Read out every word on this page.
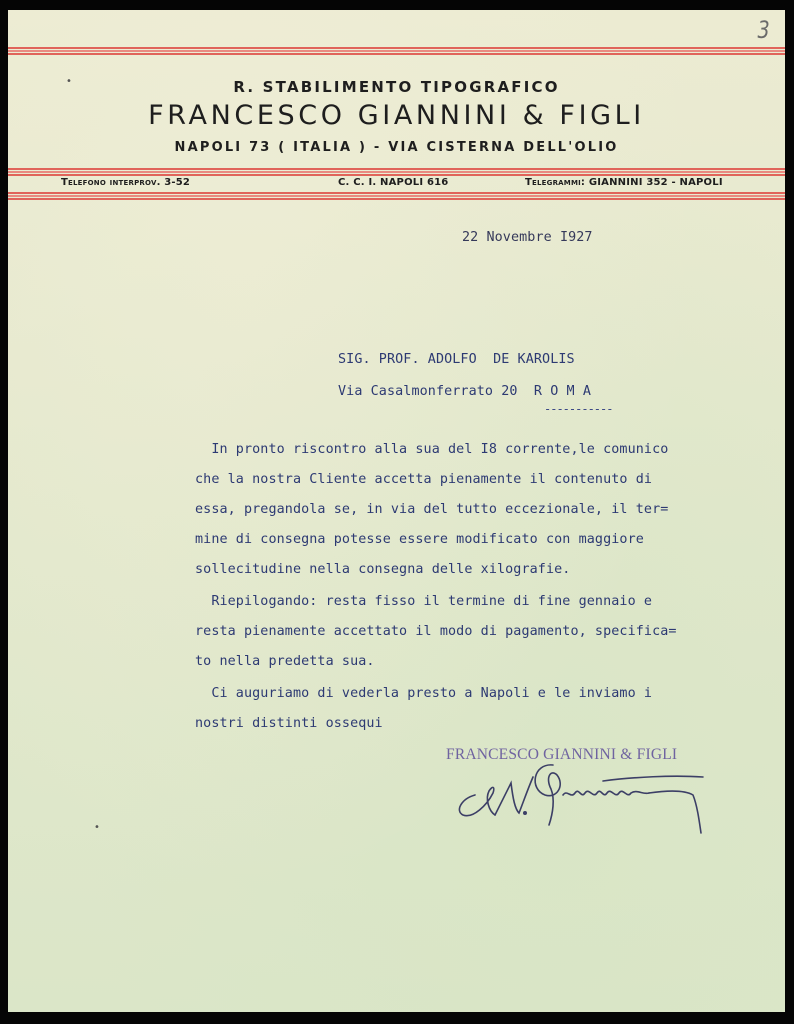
3
•
•
R. STABILIMENTO TIPOGRAFICO
FRANCESCO GIANNINI & FIGLI
NAPOLI 73 ( ITALIA ) - VIA CISTERNA DELL'OLIO
Telefono interprov. 3-52	C. C. I. NAPOLI 616	Telegrammi: GIANNINI 352 - NAPOLI
22 Novembre I927
SIG. PROF. ADOLFO  DE KAROLIS
Via Casalmonferrato 20  R O M A
-----------
In pronto riscontro alla sua del I8 corrente,le comunico
che la nostra Cliente accetta pienamente il contenuto di
essa, pregandola se, in via del tutto eccezionale, il ter=
mine di consegna potesse essere modificato con maggiore
sollecitudine nella consegna delle xilografie.
Riepilogando: resta fisso il termine di fine gennaio e
resta pienamente accettato il modo di pagamento, specifica=
to nella predetta sua.
Ci auguriamo di vederla presto a Napoli e le inviamo i
nostri distinti ossequi
FRANCESCO GIANNINI & FIGLI
